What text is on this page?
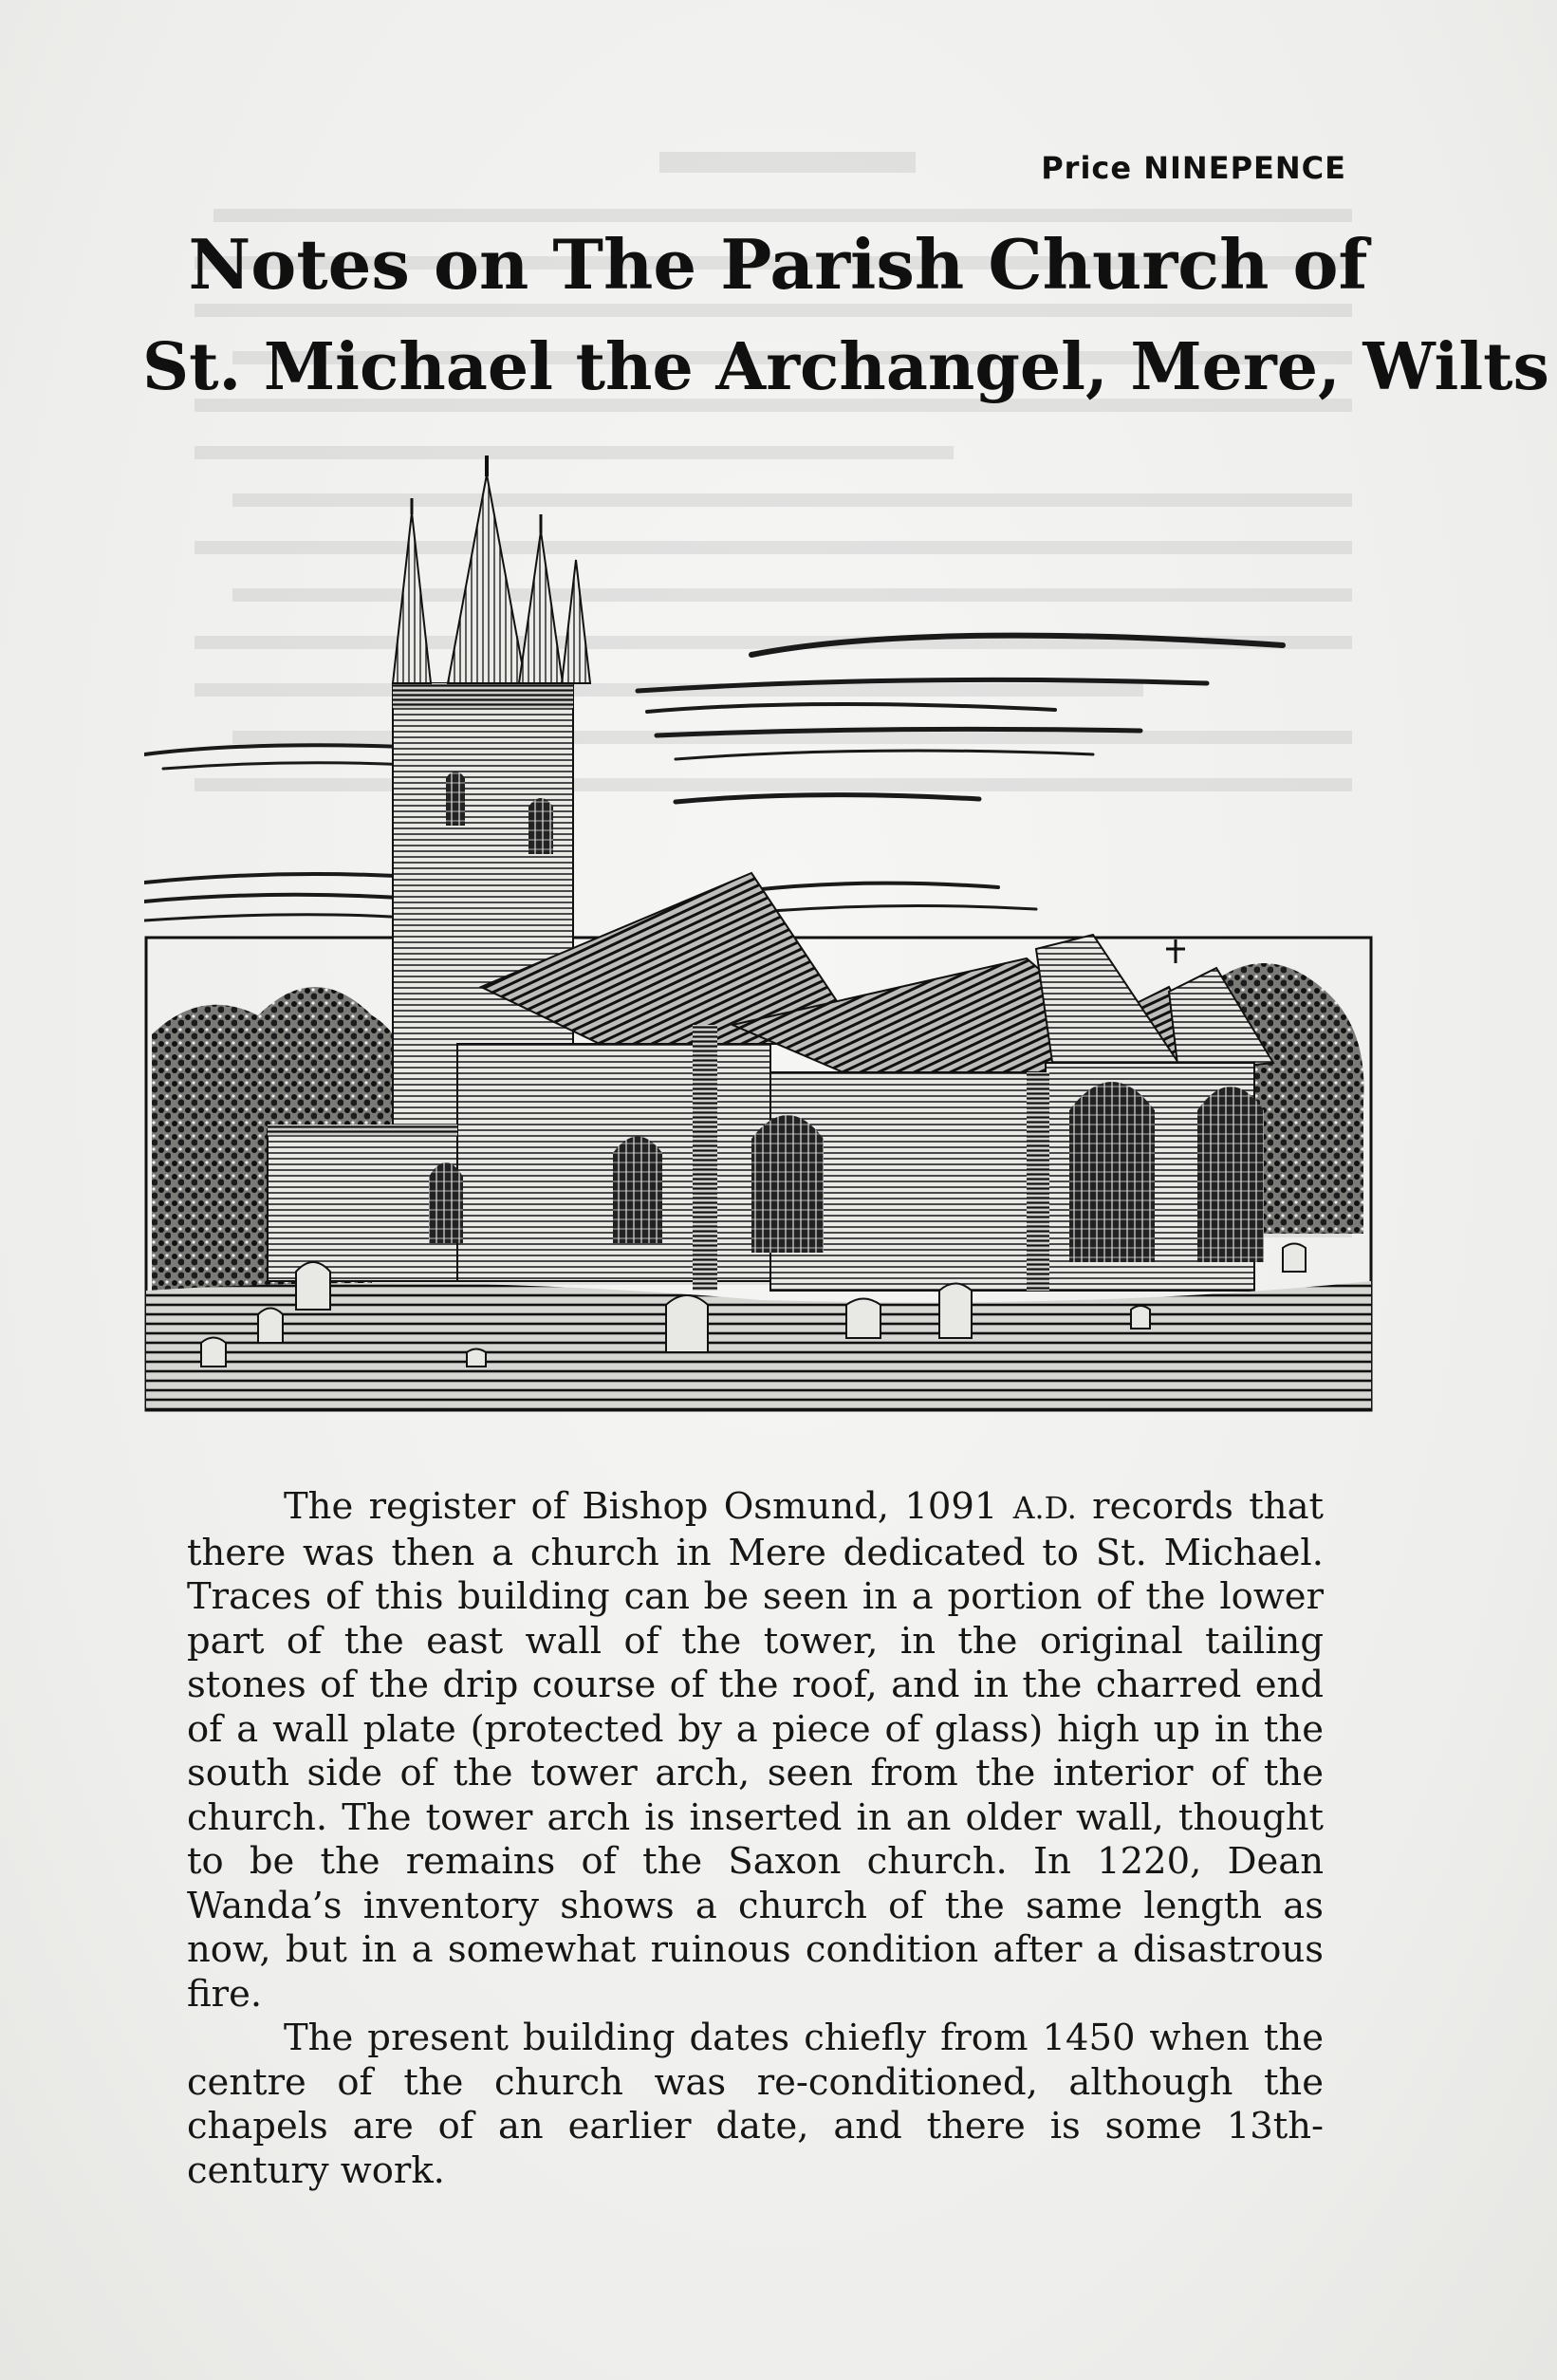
Price NINEPENCE
Notes on The Parish Church of
St. Michael the Archangel, Mere, Wilts

The register of Bishop Osmund, 1091 A.D. records that there was then a church in Mere dedicated to St. Michael. Traces of this building can be seen in a portion of the lower part of the east wall of the tower, in the original tailing stones of the drip course of the roof, and in the charred end of a wall plate (protected by a piece of glass) high up in the south side of the tower arch, seen from the interior of the church. The tower arch is inserted in an older wall, thought to be the remains of the Saxon church. In 1220, Dean Wanda’s inventory shows a church of the same length as now, but in a somewhat ruinous condition after a disastrous fire.

The present building dates chiefly from 1450 when the centre of the church was re-conditioned, although the chapels are of an earlier date, and there is some 13th-century work.
